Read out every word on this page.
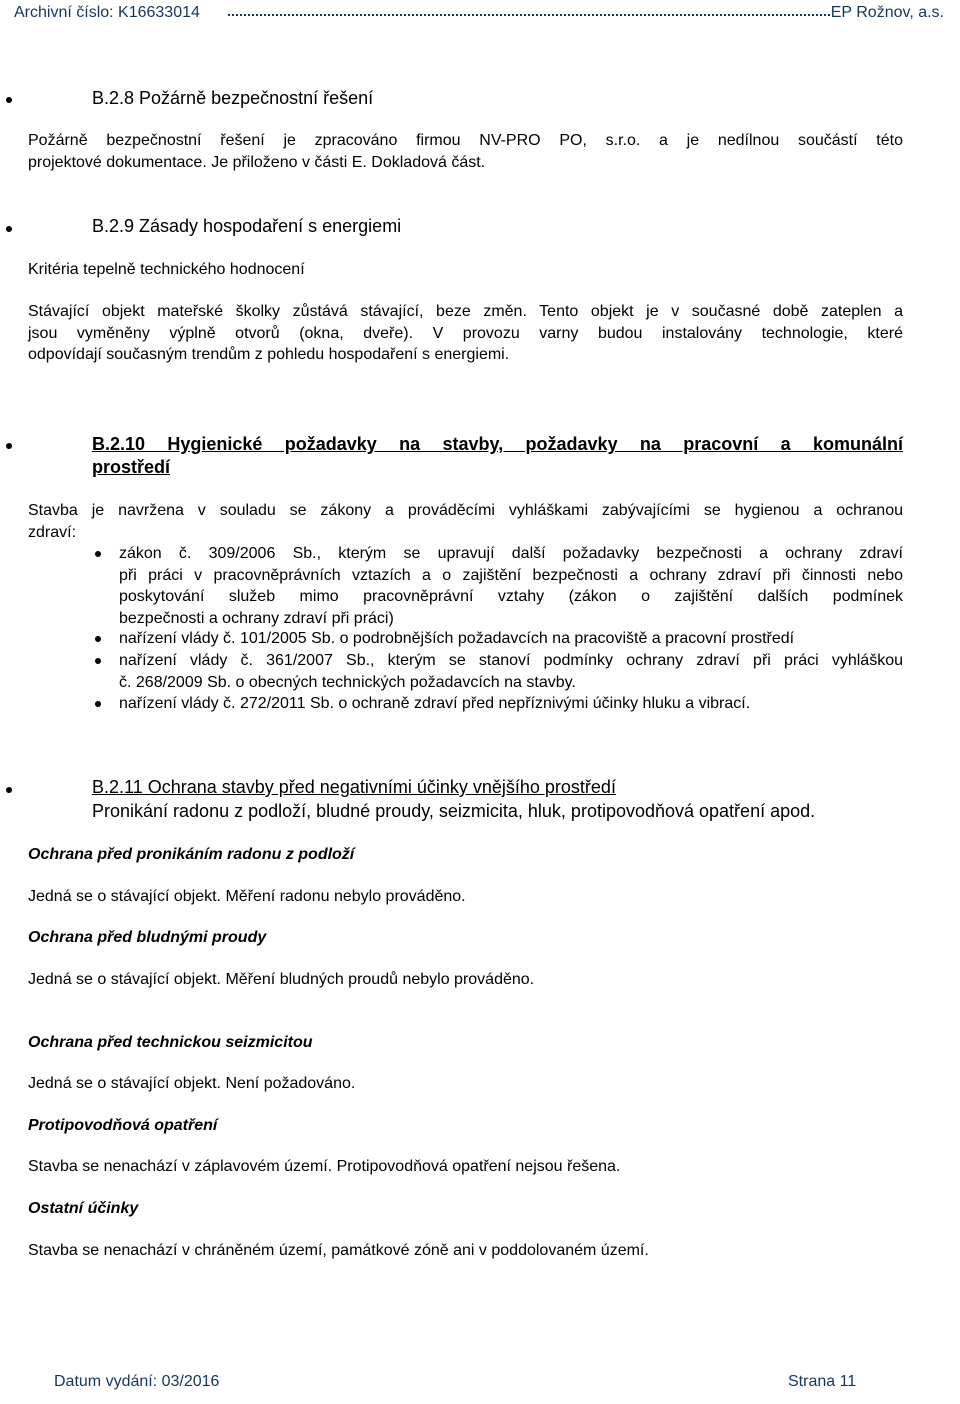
Archivní číslo: K16633014	EP Rožnov, a.s.
B.2.8 Požárně bezpečnostní řešení
Požárně bezpečnostní řešení je zpracováno firmou NV-PRO PO, s.r.o. a je nedílnou součástí této
projektové dokumentace. Je přiloženo v části E. Dokladová část.
B.2.9 Zásady hospodaření s energiemi
Kritéria tepelně technického hodnocení
Stávající objekt mateřské školky zůstává stávající, beze změn. Tento objekt je v současné době zateplen a
jsou vyměněny výplně otvorů (okna, dveře). V provozu varny budou instalovány technologie, které
odpovídají současným trendům z pohledu hospodaření s energiemi.
B.2.10 Hygienické požadavky na stavby, požadavky na pracovní a komunální
prostředí
Stavba je navržena v souladu se zákony a prováděcími vyhláškami zabývajícími se hygienou a ochranou
zdraví:
zákon č. 309/2006 Sb., kterým se upravují další požadavky bezpečnosti a ochrany zdraví
při práci v pracovněprávních vztazích a o zajištění bezpečnosti a ochrany zdraví při činnosti nebo
poskytování služeb mimo pracovněprávní vztahy (zákon o zajištění dalších podmínek
bezpečnosti a ochrany zdraví při práci)
nařízení vlády č. 101/2005 Sb. o podrobnějších požadavcích na pracoviště a pracovní prostředí
nařízení vlády č. 361/2007 Sb., kterým se stanoví podmínky ochrany zdraví při práci vyhláškou
č. 268/2009 Sb. o obecných technických požadavcích na stavby.
nařízení vlády č. 272/2011 Sb. o ochraně zdraví před nepříznivými účinky hluku a vibrací.
B.2.11 Ochrana stavby před negativními účinky vnějšího prostředí
Pronikání radonu z podloží, bludné proudy, seizmicita, hluk, protipovodňová opatření apod.
Ochrana před pronikáním radonu z podloží
Jedná se o stávající objekt. Měření radonu nebylo prováděno.
Ochrana před bludnými proudy
Jedná se o stávající objekt. Měření bludných proudů nebylo prováděno.
Ochrana před technickou seizmicitou
Jedná se o stávající objekt. Není požadováno.
Protipovodňová opatření
Stavba se nenachází v záplavovém území. Protipovodňová opatření nejsou řešena.
Ostatní účinky
Stavba se nenachází v chráněném území, památkové zóně ani v poddolovaném území.
Datum vydání: 03/2016	Strana 11
